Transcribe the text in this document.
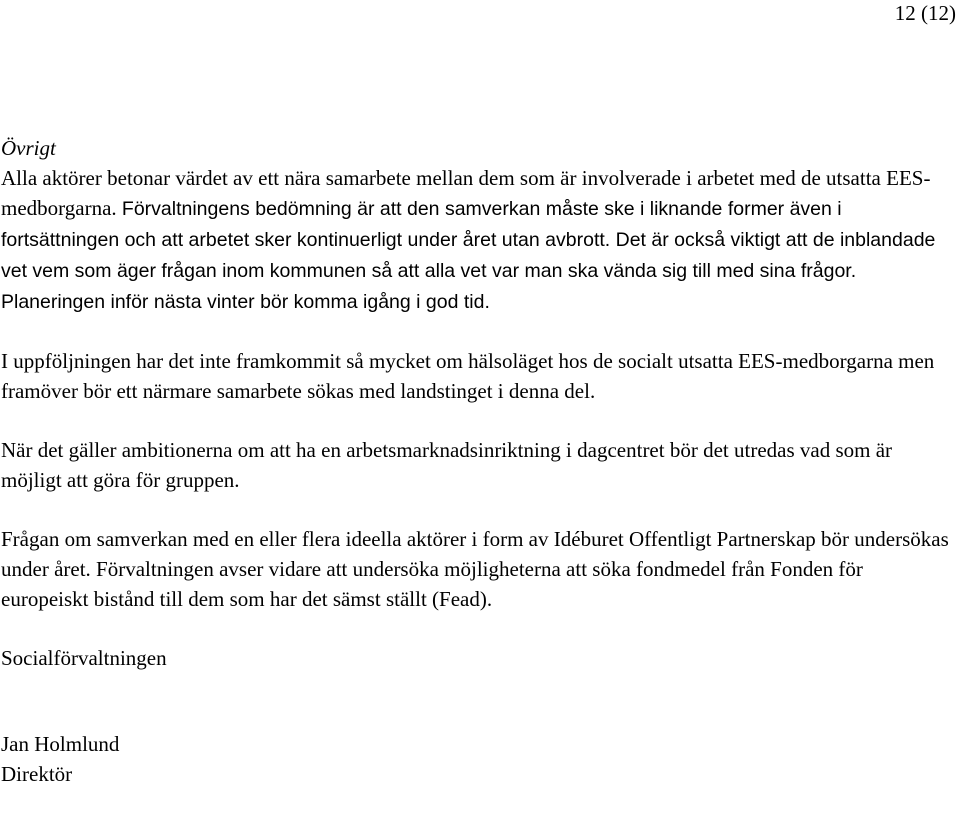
12 (12)
Övrigt

Alla aktörer betonar värdet av ett nära samarbete mellan dem som är involverade i arbetet med de utsatta EES-medborgarna. Förvaltningens bedömning är att den samverkan måste ske i liknande former även i fortsättningen och att arbetet sker kontinuerligt under året utan avbrott. Det är också viktigt att de inblandade vet vem som äger frågan inom kommunen så att alla vet var man ska vända sig till med sina frågor. Planeringen inför nästa vinter bör komma igång i god tid.

I uppföljningen har det inte framkommit så mycket om hälsoläget hos de socialt utsatta EES-medborgarna men framöver bör ett närmare samarbete sökas med landstinget i denna del.

När det gäller ambitionerna om att ha en arbetsmarknadsinriktning i dagcentret bör det utredas vad som är möjligt att göra för gruppen.

Frågan om samverkan med en eller flera ideella aktörer i form av Idéburet Offentligt Partnerskap bör undersökas under året. Förvaltningen avser vidare att undersöka möjligheterna att söka fondmedel från Fonden för europeiskt bistånd till dem som har det sämst ställt (Fead).

Socialförvaltningen

Jan Holmlund

Direktör
